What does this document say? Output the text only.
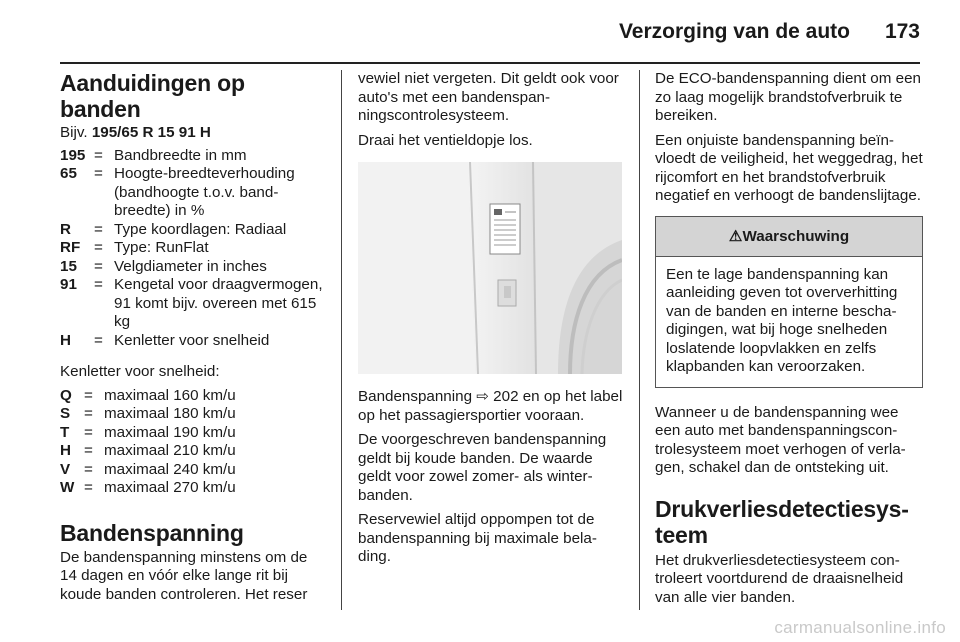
Verzorging van de auto 173
Aanduidingen op banden

Bijv. 195/65 R 15 91 H

195 = Bandbreedte in mm
65	= Hoogte-breedteverhouding (bandhoogte t.o.v. bandbreedte) in %
R	= Type koordlagen: Radiaal
RF = Type: RunFlat
15	= Velgdiameter in inches
91	= Kengetal voor draagvermogen, 91 komt bijv. overeen met 615 kg
H	= Kenletter voor snelheid

Kenletter voor snelheid:

Q = maximaal 160 km/u
S = maximaal 180 km/u
T = maximaal 190 km/u
H = maximaal 210 km/u
V = maximaal 240 km/u
W = maximaal 270 km/u
Bandenspanning

De bandenspanning minstens om de 14 dagen en vóór elke lange rit bij koude banden controleren. Het reser

vewiel niet vergeten. Dit geldt ook voor auto's met een bandenspanningscontrolesysteem.

Draai het ventieldopje los.

Bandenspanning ⇨ 202 en op het label op het passagiersportier vooraan.

De voorgeschreven bandenspanning geldt bij koude banden. De waarde geldt voor zowel zomer- als winterbanden.

Reservewiel altijd oppompen tot de bandenspanning bij maximale belading.

De ECO-bandenspanning dient om een zo laag mogelijk brandstofverbruik te bereiken.

Een onjuiste bandenspanning beïnvloedt de veiligheid, het weggedrag, het rijcomfort en het brandstofverbruik negatief en verhoogt de bandenslijtage.

⚠Waarschuwing
Een te lage bandenspanning kan aanleiding geven tot oververhitting van de banden en interne beschadigingen, wat bij hoge snelheden loslatende loopvlakken en zelfs klapbanden kan veroorzaken.

Wanneer u de bandenspanning wee een auto met bandenspanningscontrolesysteem moet verhogen of verlagen, schakel dan de ontsteking uit.

Drukverliesdetectiesysteem

Het drukverliesdetectiesysteem controleert voortdurend de draaisnelheid van alle vier banden.

carmanualsonline.info
